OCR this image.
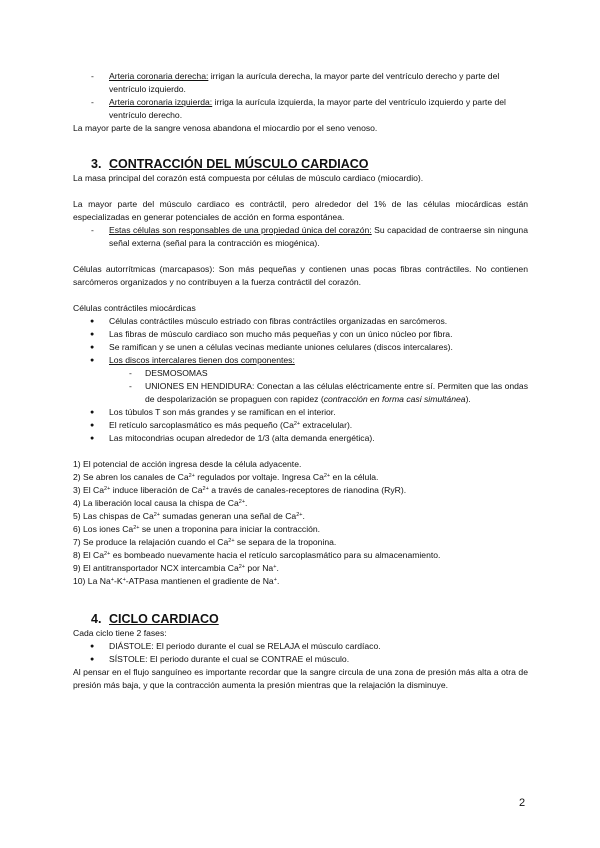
- Arteria coronaria derecha: irrigan la aurícula derecha, la mayor parte del ventrículo derecho y parte del ventrículo izquierdo.
- Arteria coronaria izquierda: irriga la aurícula izquierda, la mayor parte del ventrículo izquierdo y parte del ventrículo derecho.

La mayor parte de la sangre venosa abandona el miocardio por el seno venoso.

3. CONTRACCIÓN DEL MÚSCULO CARDIACO

La masa principal del corazón está compuesta por células de músculo cardiaco (miocardio).

La mayor parte del músculo cardiaco es contráctil, pero alrededor del 1% de las células miocárdicas están especializadas en generar potenciales de acción en forma espontánea.

- Estas células son responsables de una propiedad única del corazón: Su capacidad de contraerse sin ninguna señal externa (señal para la contracción es miogénica).

Células autorrítmicas (marcapasos): Son más pequeñas y contienen unas pocas fibras contráctiles. No contienen sarcómeros organizados y no contribuyen a la fuerza contráctil del corazón.

Células contráctiles miocárdicas

● Células contráctiles músculo estriado con fibras contráctiles organizadas en sarcómeros.
● Las fibras de músculo cardiaco son mucho más pequeñas y con un único núcleo por fibra.
● Se ramifican y se unen a células vecinas mediante uniones celulares (discos intercalares).
● Los discos intercalares tienen dos componentes:
- DESMOSOMAS
- UNIONES EN HENDIDURA: Conectan a las células eléctricamente entre sí. Permiten que las ondas de despolarización se propaguen con rapidez (contracción en forma casi simultánea).
● Los túbulos T son más grandes y se ramifican en el interior.
● El retículo sarcoplasmático es más pequeño ($Ca^{2+}$ extracelular).
● Las mitocondrias ocupan alrededor de 1/3 (alta demanda energética).

1) El potencial de acción ingresa desde la célula adyacente.

2) Se abren los canales de $Ca^{2+}$ regulados por voltaje. Ingresa $Ca^{2+}$ en la célula.

3) El $Ca^{2+}$ induce liberación de $Ca^{2+}$ a través de canales-receptores de rianodina (RyR).

4) La liberación local causa la chispa de $Ca^{2+}$.

5) Las chispas de $Ca^{2+}$ sumadas generan una señal de $Ca^{2+}$.

6) Los iones $Ca^{2+}$ se unen a troponina para iniciar la contracción.

7) Se produce la relajación cuando el $Ca^{2+}$ se separa de la troponina.

8) El $Ca^{2+}$ es bombeado nuevamente hacia el retículo sarcoplasmático para su almacenamiento.

9) El antitransportador NCX intercambia $Ca^{2+}$ por Na+.

10) La Na+-K+-ATPasa mantienen el gradiente de Na+.

4. CICLO CARDIACO

Cada ciclo tiene 2 fases:

● DIÁSTOLE: El periodo durante el cual se RELAJA el músculo cardíaco.
● SÍSTOLE: El periodo durante el cual se CONTRAE el músculo.

Al pensar en el flujo sanguíneo es importante recordar que la sangre circula de una zona de presión más alta a otra de presión más baja, y que la contracción aumenta la presión mientras que la relajación la disminuye.

2
